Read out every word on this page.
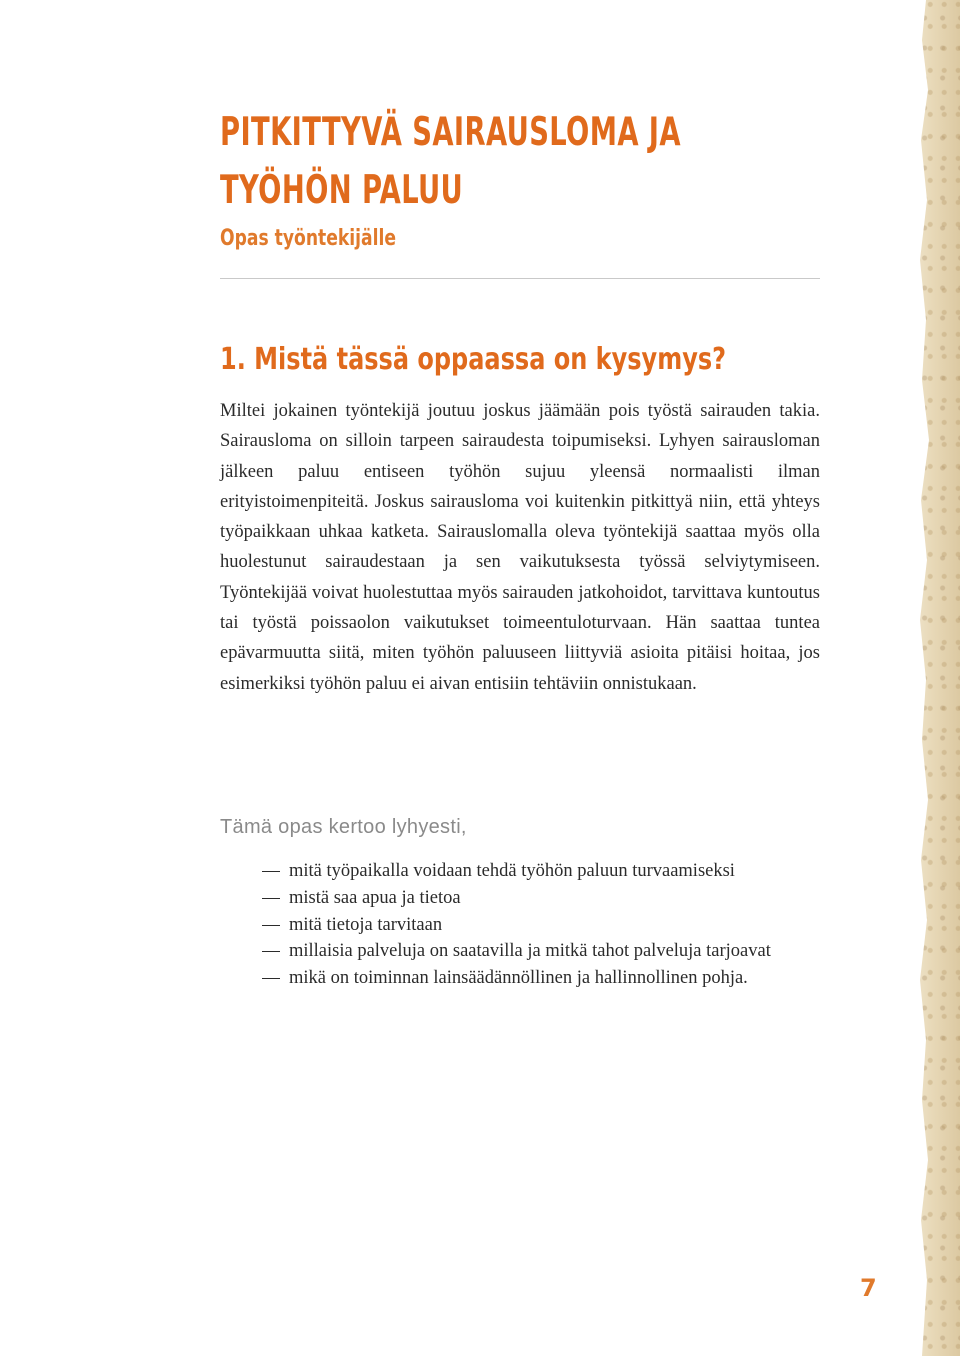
PITKITTYVÄ SAIRAUSLOMA JA TYÖHÖN PALUU

Opas työntekijälle

1. Mistä tässä oppaassa on kysymys?

Miltei jokainen työntekijä joutuu joskus jäämään pois työstä sairauden takia. Sairausloma on silloin tarpeen sairaudesta toipumiseksi. Lyhyen sairausloman jälkeen paluu entiseen työhön sujuu yleensä normaalisti ilman erityistoimenpiteitä. Joskus sairausloma voi kuitenkin pitkittyä niin, että yhteys työpaikkaan uhkaa katketa. Sairauslomalla oleva työntekijä saattaa myös olla huolestunut sairaudestaan ja sen vaikutuksesta työssä selviytymiseen. Työntekijää voivat huolestuttaa myös sairauden jatkohoidot, tarvittava kuntoutus tai työstä poissaolon vaikutukset toimeentuloturvaan. Hän saattaa tuntea epävarmuutta siitä, miten työhön paluuseen liittyviä asioita pitäisi hoitaa, jos esimerkiksi työhön paluu ei aivan entisiin tehtäviin onnistukaan.

Tämä opas kertoo lyhyesti,
mitä työpaikalla voidaan tehdä työhön paluun turvaamiseksi
mistä saa apua ja tietoa
mitä tietoja tarvitaan
millaisia palveluja on saatavilla ja mitkä tahot palveluja tarjoavat
mikä on toiminnan lainsäädännöllinen ja hallinnollinen pohja.

7
